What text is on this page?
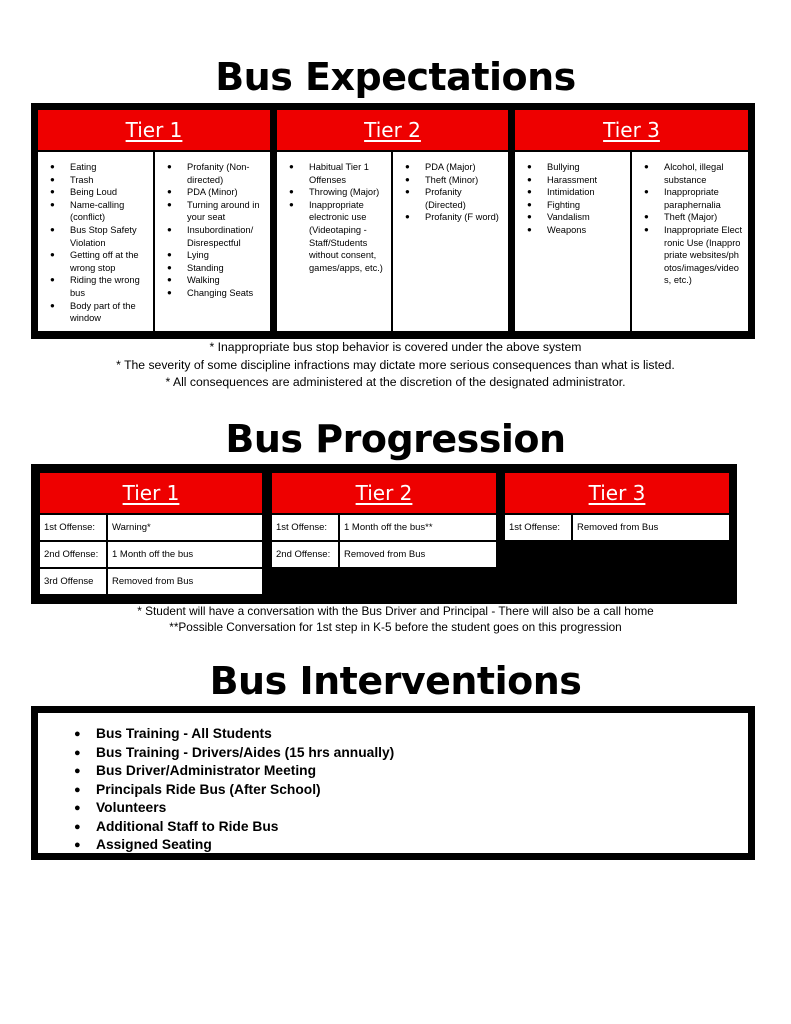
Bus Expectations
Tier 1
● Eating
● Trash
● Being Loud
● Name-calling (conflict)
● Bus Stop Safety Violation
● Getting off at the wrong stop
● Riding the wrong bus
● Body part of the window
● Profanity (Non-directed)
● PDA (Minor)
● Turning around in your seat
● Insubordination/ Disrespectful
● Lying
● Standing
● Walking
● Changing Seats
Tier 2
● Habitual Tier 1 Offenses
● Throwing (Major)
● Inappropriate electronic use (Videotaping - Staff/Students without consent, games/apps, etc.)
● PDA (Major)
● Theft (Minor)
● Profanity (Directed)
● Profanity (F word)
Tier 3
● Bullying
● Harassment
● Intimidation
● Fighting
● Vandalism
● Weapons
● Alcohol, illegal substance
● Inappropriate paraphernalia
● Theft (Major)
● Inappropriate Electronic Use (Inappropriate websites/photos/images/videos, etc.)
* Inappropriate bus stop behavior is covered under the above system
* The severity of some discipline infractions may dictate more serious consequences than what is listed.
* All consequences are administered at the discretion of the designated administrator.
Bus Progression
Tier 1	Tier 2	Tier 3
1st Offense:	Warning*
2nd Offense:	1 Month off the bus
3rd Offense	Removed from Bus
1st Offense:	1 Month off the bus**
2nd Offense:	Removed from Bus
1st Offense:	Removed from Bus
* Student will have a conversation with the Bus Driver and Principal - There will also be a call home
**Possible Conversation for 1st step in K-5 before the student goes on this progression
Bus Interventions
● Bus Training - All Students
● Bus Training - Drivers/Aides (15 hrs annually)
● Bus Driver/Administrator Meeting
● Principals Ride Bus (After School)
● Volunteers
● Additional Staff to Ride Bus
● Assigned Seating
